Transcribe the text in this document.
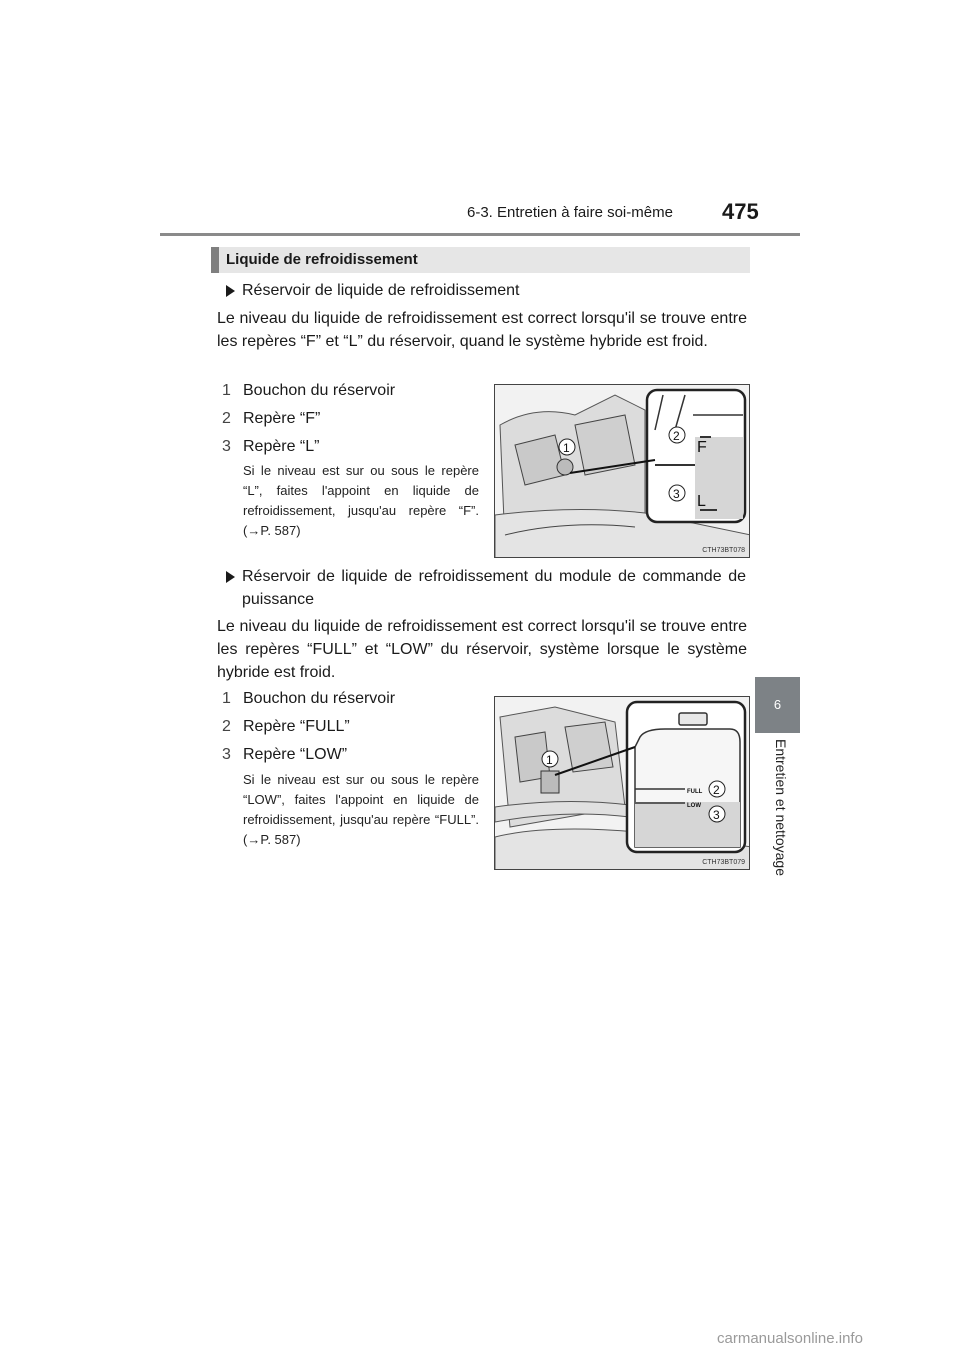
6-3. Entretien à faire soi-même 475
6
Entretien et nettoyage
Liquide de refroidissement
Réservoir de liquide de refroidissement
Le niveau du liquide de refroidissement est correct lorsqu'il se trouve entre les repères “F” et “L” du réservoir, quand le système hybride est froid.
1 Bouchon du réservoir
2 Repère “F”
3 Repère “L”
Si le niveau est sur ou sous le repère “L”, faites l'appoint en liquide de refroidissement, jusqu'au repère “F”. (→P. 587)
F
L
1
2
3
CTH73BT078
Réservoir de liquide de refroidissement du module de commande de puissance
Le niveau du liquide de refroidissement est correct lorsqu'il se trouve entre les repères “FULL” et “LOW” du réservoir, système lorsque le système hybride est froid.
1 Bouchon du réservoir
2 Repère “FULL”
3 Repère “LOW”
Si le niveau est sur ou sous le repère “LOW”, faites l'appoint en liquide de refroidissement, jusqu'au repère “FULL”. (→P. 587)
FULL
LOW
1
2
3
CTH73BT079
carmanualsonline.info
